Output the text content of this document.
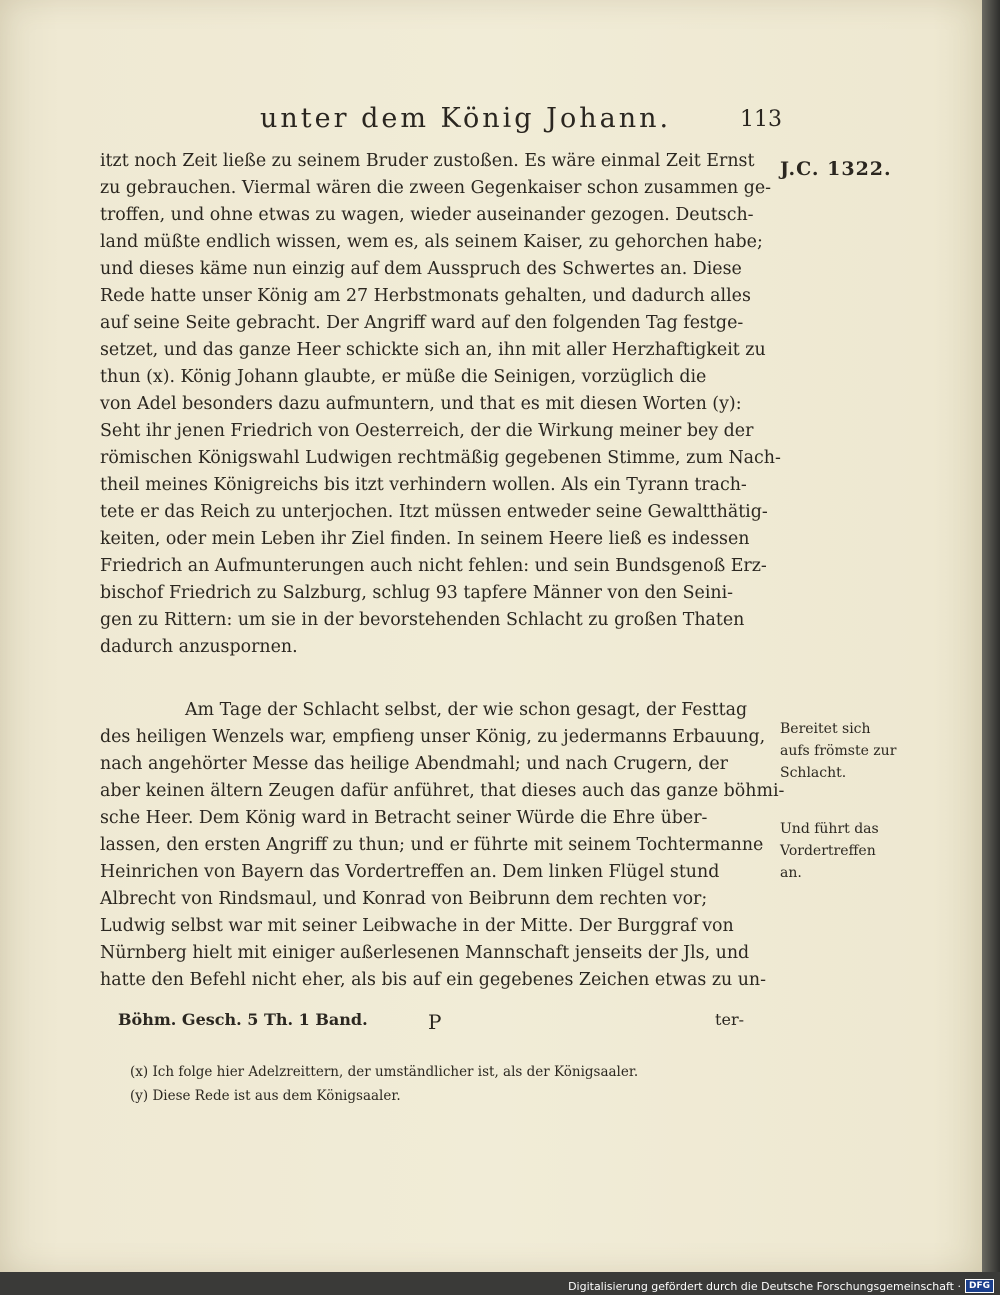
unter dem König Johann.	113
J.C. 1322.
itzt noch Zeit ließe zu seinem Bruder zustoßen. Es wäre einmal Zeit Ernst
zu gebrauchen. Viermal wären die zween Gegenkaiser schon zusammen ge-
troffen, und ohne etwas zu wagen, wieder auseinander gezogen. Deutsch-
land müßte endlich wissen, wem es, als seinem Kaiser, zu gehorchen habe;
und dieses käme nun einzig auf dem Ausspruch des Schwertes an. Diese
Rede hatte unser König am 27 Herbstmonats gehalten, und dadurch alles
auf seine Seite gebracht. Der Angriff ward auf den folgenden Tag festge-
setzet, und das ganze Heer schickte sich an, ihn mit aller Herzhaftigkeit zu
thun (x). König Johann glaubte, er müße die Seinigen, vorzüglich die
von Adel besonders dazu aufmuntern, und that es mit diesen Worten (y):
Seht ihr jenen Friedrich von Oesterreich, der die Wirkung meiner bey der
römischen Königswahl Ludwigen rechtmäßig gegebenen Stimme, zum Nach-
theil meines Königreichs bis itzt verhindern wollen. Als ein Tyrann trach-
tete er das Reich zu unterjochen. Itzt müssen entweder seine Gewaltthätig-
keiten, oder mein Leben ihr Ziel finden. In seinem Heere ließ es indessen
Friedrich an Aufmunterungen auch nicht fehlen: und sein Bundsgenoß Erz-
bischof Friedrich zu Salzburg, schlug 93 tapfere Männer von den Seini-
gen zu Rittern: um sie in der bevorstehenden Schlacht zu großen Thaten
dadurch anzuspornen.
Am Tage der Schlacht selbst, der wie schon gesagt, der Festtag
des heiligen Wenzels war, empfieng unser König, zu jedermanns Erbauung,
nach angehörter Messe das heilige Abendmahl; und nach Crugern, der
aber keinen ältern Zeugen dafür anführet, that dieses auch das ganze böhmi-
sche Heer. Dem König ward in Betracht seiner Würde die Ehre über-
lassen, den ersten Angriff zu thun; und er führte mit seinem Tochtermanne
Heinrichen von Bayern das Vordertreffen an. Dem linken Flügel stund
Albrecht von Rindsmaul, und Konrad von Beibrunn dem rechten vor;
Ludwig selbst war mit seiner Leibwache in der Mitte. Der Burggraf von
Nürnberg hielt mit einiger außerlesenen Mannschaft jenseits der Jls, und
hatte den Befehl nicht eher, als bis auf ein gegebenes Zeichen etwas zu un-
Bereitet sich aufs frömste zur Schlacht.
Und führt das Vordertreffen an.
Böhm. Gesch. 5 Th. 1 Band.	P	ter-
(x) Ich folge hier Adelzreittern, der umständlicher ist, als der Königsaaler.
(y) Diese Rede ist aus dem Königsaaler.
Digitalisierung gefördert durch die Deutsche Forschungsgemeinschaft · DFG
